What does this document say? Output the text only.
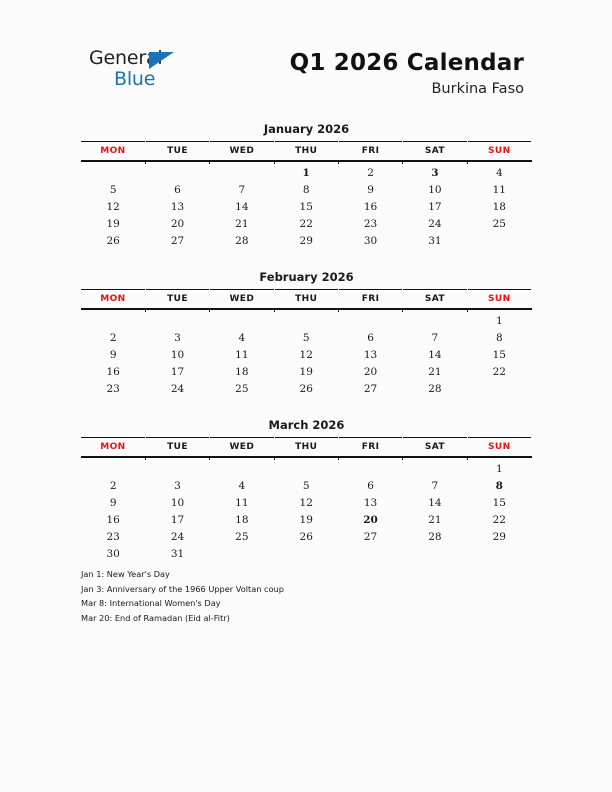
General
Blue
Q1 2026 Calendar
Burkina Faso
January 2026
MON	TUE	WED	THU	FRI	SAT	SUN

			1	2	3	4
5	6	7	8	9	10	11
12	13	14	15	16	17	18
19	20	21	22	23	24	25
26	27	28	29	30	31	
February 2026
MON	TUE	WED	THU	FRI	SAT	SUN

						1
2	3	4	5	6	7	8
9	10	11	12	13	14	15
16	17	18	19	20	21	22
23	24	25	26	27	28	
March 2026
MON	TUE	WED	THU	FRI	SAT	SUN

						1
2	3	4	5	6	7	8
9	10	11	12	13	14	15
16	17	18	19	20	21	22
23	24	25	26	27	28	29
30	31					
Jan 1: New Year's Day
Jan 3: Anniversary of the 1966 Upper Voltan coup
Mar 8: International Women's Day
Mar 20: End of Ramadan (Eid al-Fitr)
